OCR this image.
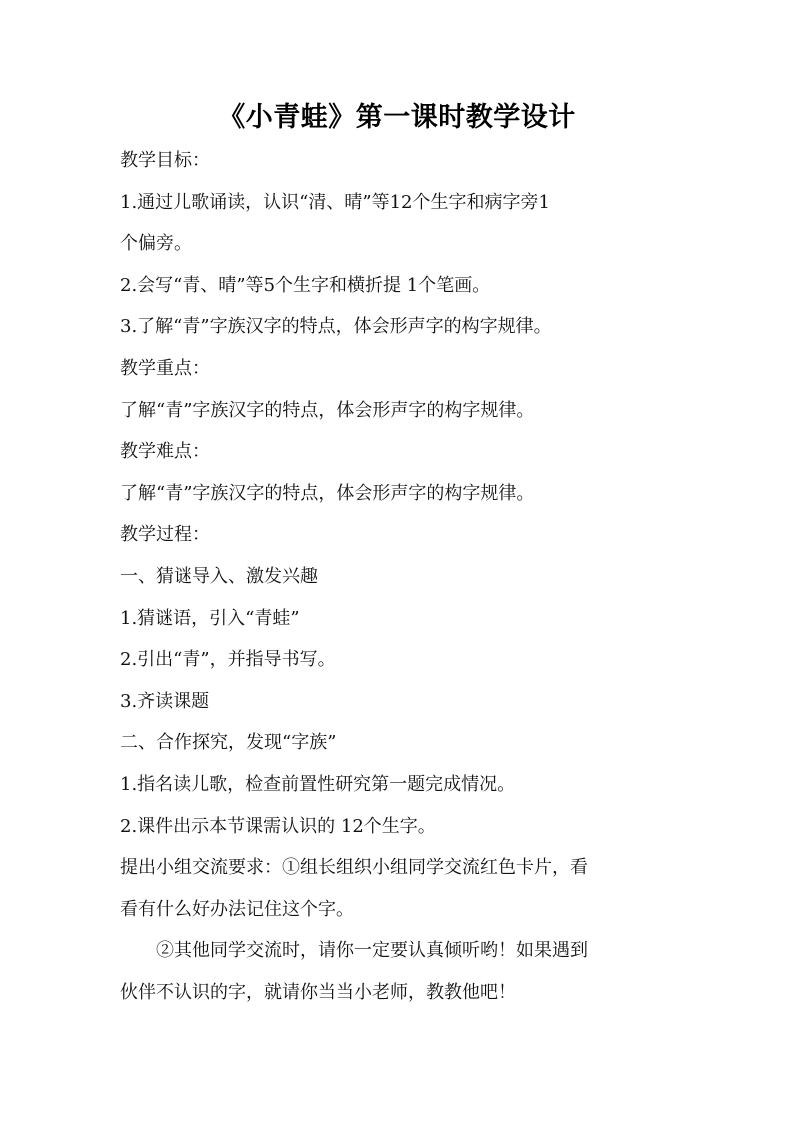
《小青蛙》第一课时教学设计
教学目标：
1.通过儿歌诵读，认识“清、晴”等12个生字和病字旁1
个偏旁。
2.会写“青、晴”等5个生字和横折提 1个笔画。
3.了解“青”字族汉字的特点，体会形声字的构字规律。
教学重点：
了解“青”字族汉字的特点，体会形声字的构字规律。
教学难点：
了解“青”字族汉字的特点，体会形声字的构字规律。
教学过程：
一、猜谜导入、激发兴趣
1.猜谜语，引入“青蛙”
2.引出“青”，并指导书写。
3.齐读课题
二、合作探究，发现“字族”
1.指名读儿歌，检查前置性研究第一题完成情况。
2.课件出示本节课需认识的 12个生字。
提出小组交流要求：①组长组织小组同学交流红色卡片，看
看有什么好办法记住这个字。
②其他同学交流时，请你一定要认真倾听哟！如果遇到
伙伴不认识的字，就请你当当小老师，教教他吧！
